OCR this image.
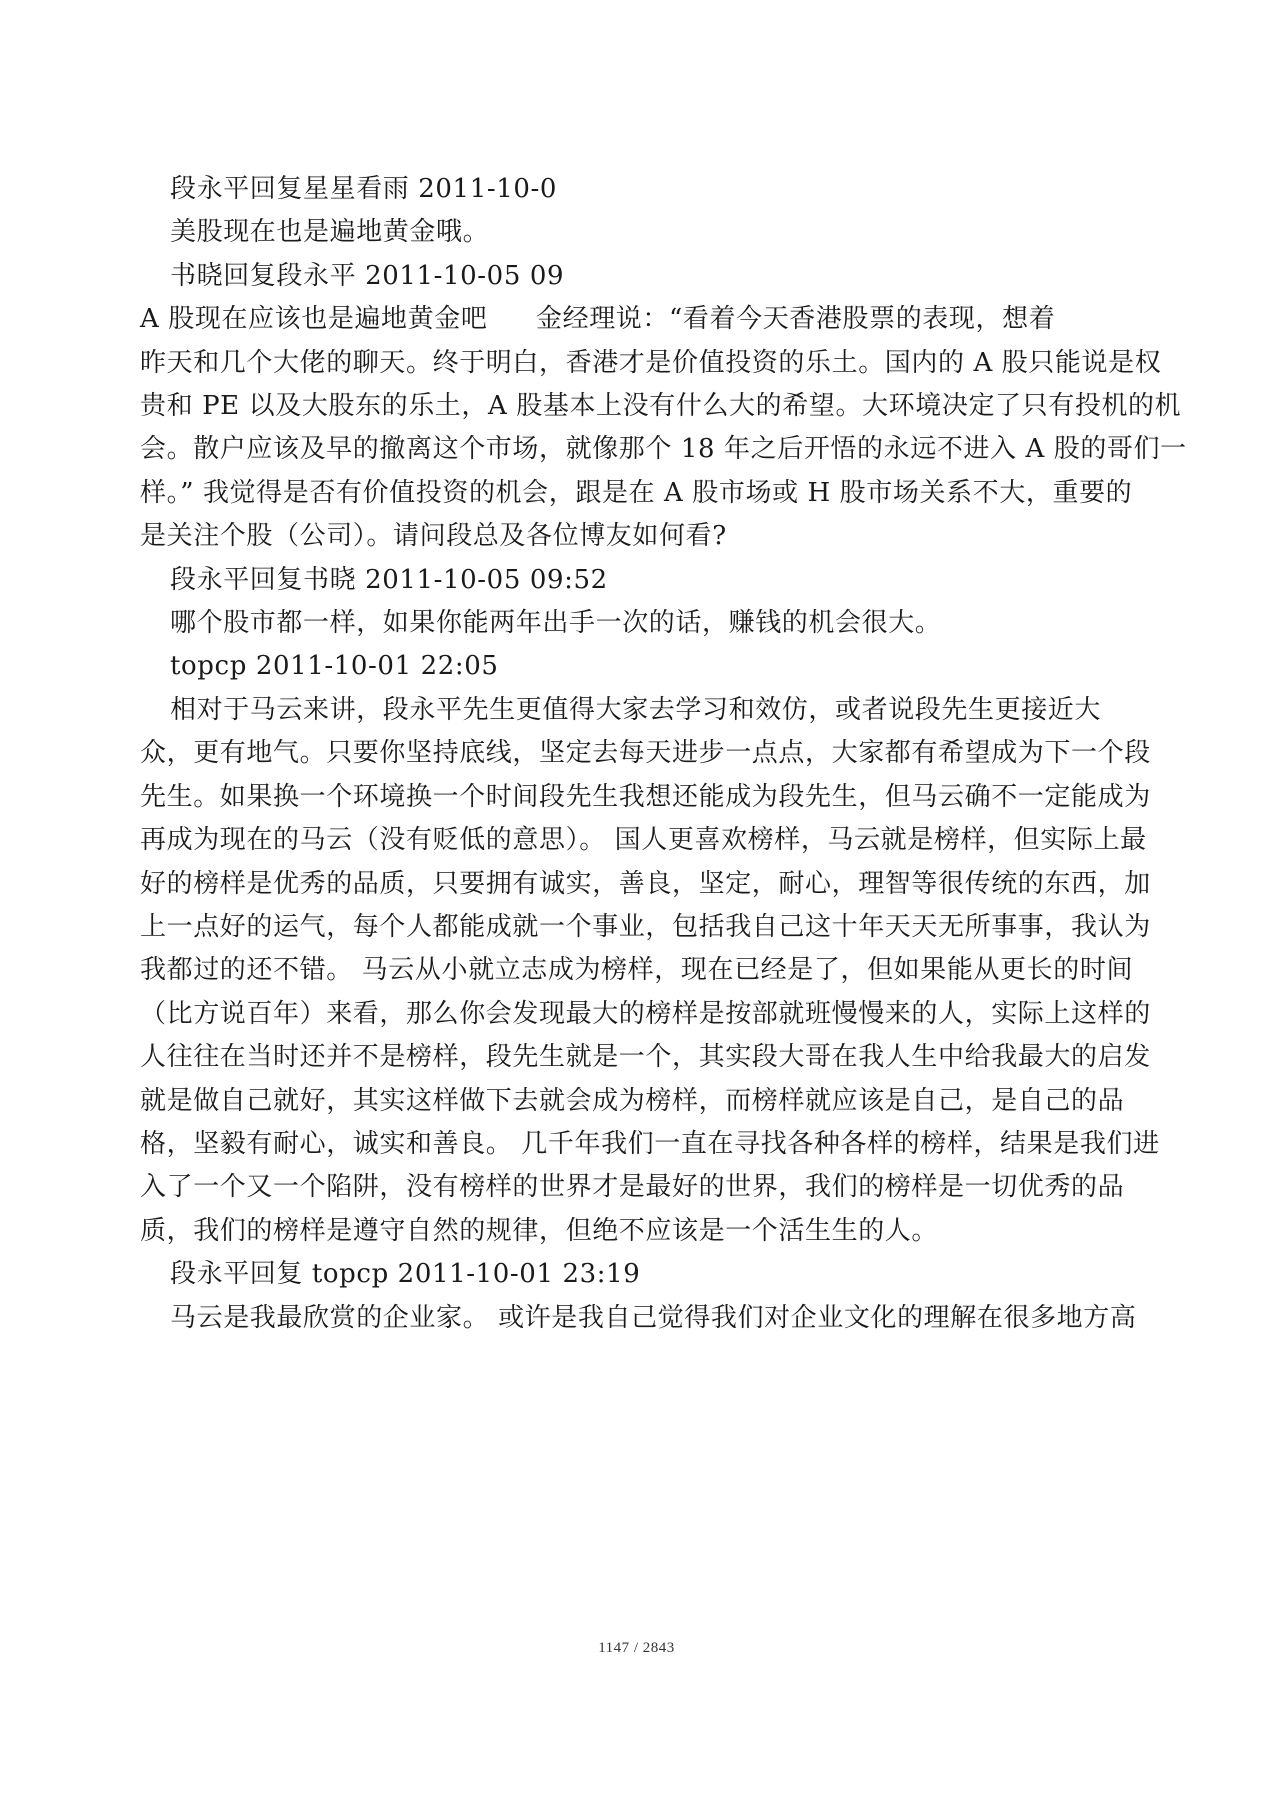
段永平回复星星看雨 2011-10-0
美股现在也是遍地黄金哦。
书晓回复段永平 2011-10-05 09
A 股现在应该也是遍地黄金吧 金经理说：“看着今天香港股票的表现，想着
昨天和几个大佬的聊天。终于明白，香港才是价值投资的乐土。国内的 A 股只能说是权
贵和 PE 以及大股东的乐土，A 股基本上没有什么大的希望。大环境决定了只有投机的机
会。散户应该及早的撤离这个市场，就像那个 18 年之后开悟的永远不进入 A 股的哥们一
样。” 我觉得是否有价值投资的机会，跟是在 A 股市场或 H 股市场关系不大，重要的
是关注个股（公司）。请问段总及各位博友如何看?
段永平回复书晓 2011-10-05 09:52
哪个股市都一样，如果你能两年出手一次的话，赚钱的机会很大。
topcp 2011-10-01 22:05
相对于马云来讲，段永平先生更值得大家去学习和效仿，或者说段先生更接近大
众，更有地气。只要你坚持底线，坚定去每天进步一点点，大家都有希望成为下一个段
先生。如果换一个环境换一个时间段先生我想还能成为段先生，但马云确不一定能成为
再成为现在的马云（没有贬低的意思）。 国人更喜欢榜样，马云就是榜样，但实际上最
好的榜样是优秀的品质，只要拥有诚实，善良，坚定，耐心，理智等很传统的东西，加
上一点好的运气，每个人都能成就一个事业，包括我自己这十年天天无所事事，我认为
我都过的还不错。 马云从小就立志成为榜样，现在已经是了，但如果能从更长的时间
（比方说百年）来看，那么你会发现最大的榜样是按部就班慢慢来的人，实际上这样的
人往往在当时还并不是榜样，段先生就是一个，其实段大哥在我人生中给我最大的启发
就是做自己就好，其实这样做下去就会成为榜样，而榜样就应该是自己，是自己的品
格，坚毅有耐心，诚实和善良。 几千年我们一直在寻找各种各样的榜样，结果是我们进
入了一个又一个陷阱，没有榜样的世界才是最好的世界，我们的榜样是一切优秀的品
质，我们的榜样是遵守自然的规律，但绝不应该是一个活生生的人。
段永平回复 topcp 2011-10-01 23:19
马云是我最欣赏的企业家。 或许是我自己觉得我们对企业文化的理解在很多地方高
1147 / 2843
